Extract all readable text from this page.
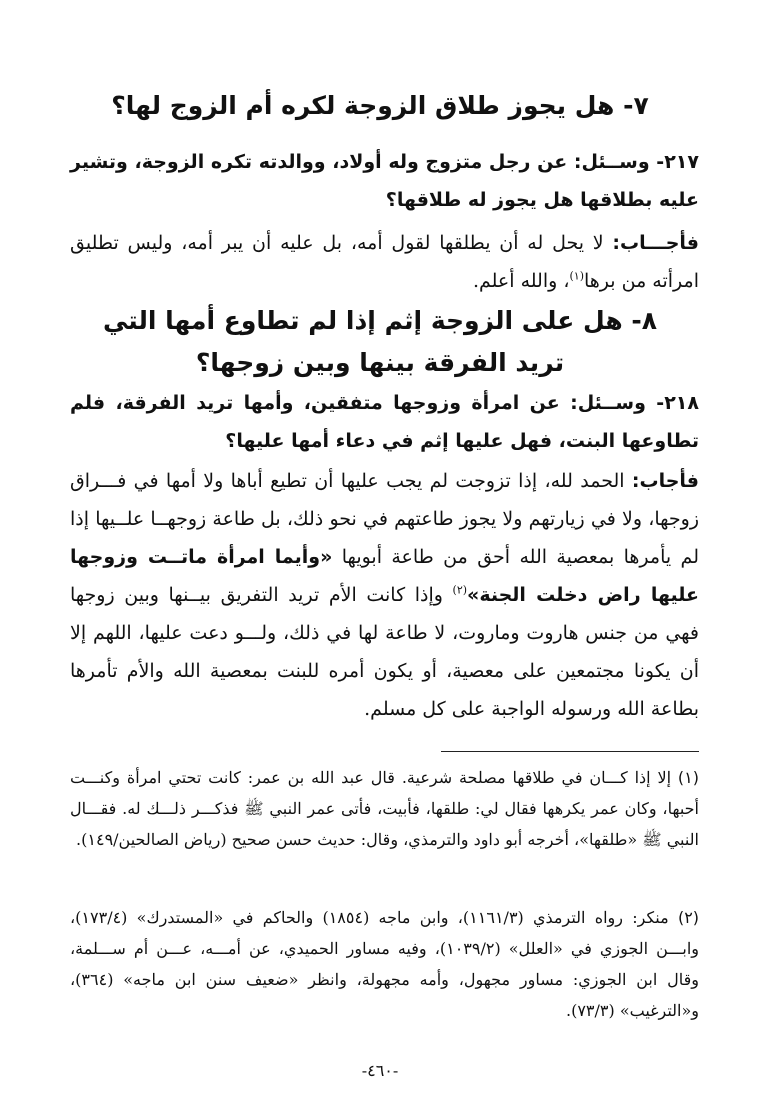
٧- هل يجوز طلاق الزوجة لكره أم الزوج لها؟

٢١٧- وســئل: عن رجل متزوج وله أولاد، ووالدته تكره الزوجة، وتشير عليه بطلاقها هل يجوز له طلاقها؟

فأجـــاب: لا يحل له أن يطلقها لقول أمه، بل عليه أن يبر أمه، وليس تطليق امرأته من برها$^{(١)}$، والله أعلم.

٨- هل على الزوجة إثم إذا لم تطاوع أمها التي
تريد الفرقة بينها وبين زوجها؟

٢١٨- وســئل: عن امرأة وزوجها متفقين، وأمها تريد الفرقة، فلم تطاوعها البنت، فهل عليها إثم في دعاء أمها عليها؟

فأجاب: الحمد لله، إذا تزوجت لم يجب عليها أن تطيع أباها ولا أمها في فـــراق زوجها، ولا في زيارتهم ولا يجوز طاعتهم في نحو ذلك، بل طاعة زوجهــا علــيها إذا لم يأمرها بمعصية الله أحق من طاعة أبويها «وأيما امرأة ماتــت وزوجها عليها راض دخلت الجنة»$^{(٢)}$ وإذا كانت الأم تريد التفريق بيــنها وبين زوجها فهي من جنس هاروت وماروت، لا طاعة لها في ذلك، ولـــو دعت عليها، اللهم إلا أن يكونا مجتمعين على معصية، أو يكون أمره للبنت بمعصية الله والأم تأمرها بطاعة الله ورسوله الواجبة على كل مسلم.

(١) إلا إذا كـــان في طلاقها مصلحة شرعية. قال عبد الله بن عمر: كانت تحتي امرأة وكنـــت أحبها، وكان عمر يكرهها فقال لي: طلقها، فأبيت، فأتى عمر النبي ﷺ فذكـــر ذلـــك له. فقـــال النبي ﷺ «طلقها»، أخرجه أبو داود والترمذي، وقال: حديث حسن صحيح (رياض الصالحين/١٤٩).

(٢) منكر: رواه الترمذي (١١٦١/٣)، وابن ماجه (١٨٥٤) والحاكم في «المستدرك» (١٧٣/٤)، وابـــن الجوزي في «العلل» (١٠٣٩/٢)، وفيه مساور الحميدي، عن أمـــه، عـــن أم ســـلمة، وقال ابن الجوزي: مساور مجهول، وأمه مجهولة، وانظر «ضعيف سنن ابن ماجه» (٣٦٤)، و«الترغيب» (٧٣/٣).

-٤٦٠-
